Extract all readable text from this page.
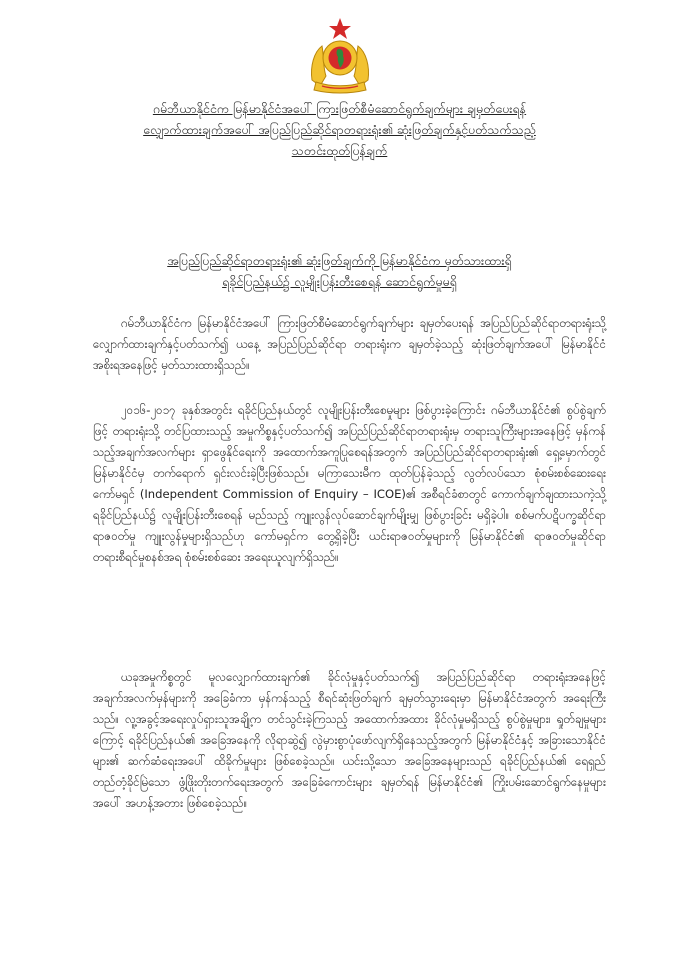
ဂမ်ဘီယာနိုင်ငံက မြန်မာနိုင်ငံအပေါ် ကြားဖြတ်စီမံဆောင်ရွက်ချက်များ ချမှတ်ပေးရန်
လျှောက်ထားချက်အပေါ် အပြည်ပြည်ဆိုင်ရာတရားရုံး၏ ဆုံးဖြတ်ချက်နှင့်ပတ်သက်သည့်
သတင်းထုတ်ပြန်ချက်
အပြည်ပြည်ဆိုင်ရာတရားရုံး၏ ဆုံးဖြတ်ချက်ကို မြန်မာနိုင်ငံက မှတ်သားထားရှိ
ရခိုင်ပြည်နယ်၌ လူမျိုးပြန်းတီးစေရန် ဆောင်ရွက်မှုမရှိ

ဂမ်ဘီယာနိုင်ငံက မြန်မာနိုင်ငံအပေါ် ကြားဖြတ်စီမံဆောင်ရွက်ချက်များ ချမှတ်ပေးရန် အပြည်ပြည်ဆိုင်ရာတရားရုံးသို့ လျှောက်ထားချက်နှင့်ပတ်သက်၍ ယနေ့ အပြည်ပြည်ဆိုင်ရာ တရားရုံးက ချမှတ်ခဲ့သည့် ဆုံးဖြတ်ချက်အပေါ် မြန်မာနိုင်ငံ အစိုးရအနေဖြင့် မှတ်သားထားရှိသည်။

၂၀၁၆-၂၀၁၇ ခုနှစ်အတွင်း ရခိုင်ပြည်နယ်တွင် လူမျိုးပြန်းတီးစေမှုများ ဖြစ်ပွားခဲ့ကြောင်း ဂမ်ဘီယာနိုင်ငံ၏ စွပ်စွဲချက်ဖြင့် တရားရုံးသို့ တင်ပြထားသည့် အမှုကိစ္စနှင့်ပတ်သက်၍ အပြည်ပြည်ဆိုင်ရာတရားရုံးမှ တရားသူကြီးများအနေဖြင့် မှန်ကန်သည့်အချက်အလက်များ ရှာဖွေနိုင်ရေးကို အထောက်အကူပြုစေရန်အတွက် အပြည်ပြည်ဆိုင်ရာတရားရုံး၏ ရှေ့မှောက်တွင် မြန်မာနိုင်ငံမှ တက်ရောက် ရှင်းလင်းခဲ့ပြီးဖြစ်သည်။ မကြာသေးမီက ထုတ်ပြန်ခဲ့သည့် လွတ်လပ်သော စုံစမ်းစစ်ဆေးရေး ကော်မရှင် (Independent Commission of Enquiry – ICOE)၏ အစီရင်ခံစာတွင် ကောက်ချက်ချထားသကဲ့သို့ ရခိုင်ပြည်နယ်၌ လူမျိုးပြန်းတီးစေရန် မည်သည့် ကျူးလွန်လုပ်ဆောင်ချက်မျိုးမျှ ဖြစ်ပွားခြင်း မရှိခဲ့ပါ။ စစ်မက်ပဋိပက္ခဆိုင်ရာ ရာဇဝတ်မှု ကျူးလွန်မှုများရှိသည်ဟု ကော်မရှင်က တွေ့ရှိခဲ့ပြီး ယင်းရာဇဝတ်မှုများကို မြန်မာနိုင်ငံ၏ ရာဇဝတ်မှုဆိုင်ရာ တရားစီရင်မှုစနစ်အရ စုံစမ်းစစ်ဆေး အရေးယူလျက်ရှိသည်။

ယခုအမှုကိစ္စတွင် မူလလျှောက်ထားချက်၏ ခိုင်လုံမှုနှင့်ပတ်သက်၍ အပြည်ပြည်ဆိုင်ရာ တရားရုံးအနေဖြင့် အချက်အလက်မှန်များကို အခြေခံကာ မှန်ကန်သည့် စီရင်ဆုံးဖြတ်ချက် ချမှတ်သွားရေးမှာ မြန်မာနိုင်ငံအတွက် အရေးကြီးသည်။ လူ့အခွင့်အရေးလှုပ်ရှားသူအချို့က တင်သွင်းခဲ့ကြသည့် အထောက်အထား ခိုင်လုံမှုမရှိသည့် စွပ်စွဲမှုများ၊ ရှုတ်ချမှုများကြောင့် ရခိုင်ပြည်နယ်၏ အခြေအနေကို လိုရာဆွဲ၍ လွဲမှားစွာပုံဖော်လျက်ရှိနေသည့်အတွက် မြန်မာနိုင်ငံနှင့် အခြားသောနိုင်ငံများ၏ ဆက်ဆံရေးအပေါ် ထိခိုက်မှုများ ဖြစ်စေခဲ့သည်။ ယင်းသို့သော အခြေအနေများသည် ရခိုင်ပြည်နယ်၏ ရေရှည်တည်တံ့ခိုင်မြဲသော ဖွံ့ဖြိုးတိုးတက်ရေးအတွက် အခြေခံကောင်းများ ချမှတ်ရန် မြန်မာနိုင်ငံ၏ ကြိုးပမ်းဆောင်ရွက်နေမှုများအပေါ် အဟန့်အတား ဖြစ်စေခဲ့သည်။
